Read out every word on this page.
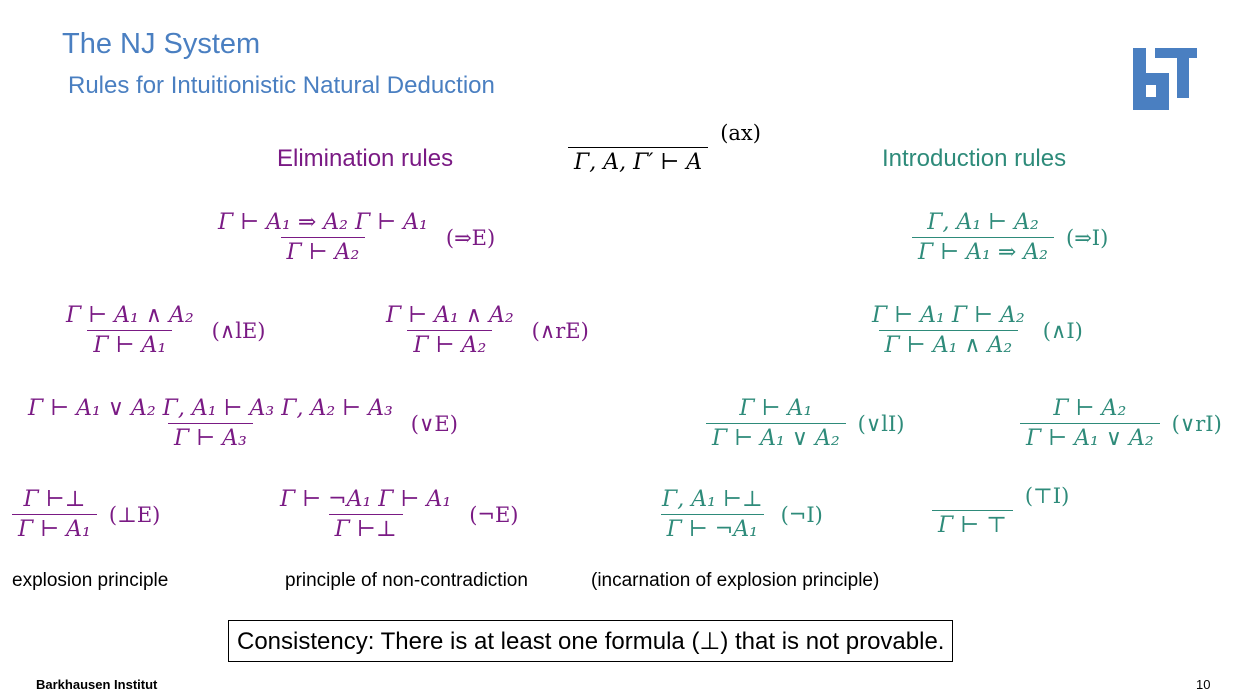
The NJ System
Rules for Intuitionistic Natural Deduction
Elimination rules	Introduction rules
Γ, A, Γ′ ⊢ A
(ax)
$\frac{\text{Γ ⊢ A₁ ⇒ A₂ Γ ⊢ A₁}}{\text{Γ ⊢ A₂}}$ (⇒E)
$\frac{\text{Γ ⊢ A₁ ∧ A₂}}{\text{Γ ⊢ A₁}}$ (∧lE)	$\frac{\text{Γ ⊢ A₁ ∧ A₂}}{\text{Γ ⊢ A₂}}$ (∧rE)
$\frac{\text{Γ ⊢ A₁ ∨ A₂ Γ, A₁ ⊢ A₃ Γ, A₂ ⊢ A₃}}{\text{Γ ⊢ A₃}}$ (∨E)
$\frac{\Gamma ⊢\perp}{\text{Γ ⊢ A₁}}$ (⊥E)	$\frac{\text{Γ ⊢ ¬A₁ Γ ⊢ A₁}}{\Gamma ⊢\perp}$ (¬E)
$\frac{\text{Γ, A₁ ⊢ A₂}}{\text{Γ ⊢ A₁ ⇒ A₂}}$ (⇒I)
$\frac{\text{Γ ⊢ A₁ Γ ⊢ A₂}}{\text{Γ ⊢ A₁ ∧ A₂}}$ (∧I)
$\frac{\text{Γ ⊢ A₁}}{\text{Γ ⊢ A₁ ∨ A₂}}$ (∨lI)	$\frac{\text{Γ ⊢ A₂}}{\text{Γ ⊢ A₁ ∨ A₂}}$ (∨rI)
$\frac{\text{Γ, A₁ ⊢⊥}}{\text{Γ ⊢ ¬A₁}}$ (¬I)	Γ ⊢ ⊤
(⊤I)
explosion principle	principle of non-contradiction	(incarnation of explosion principle)
Consistency: There is at least one formula (⊥) that is not provable.
Barkhausen Institut	10
